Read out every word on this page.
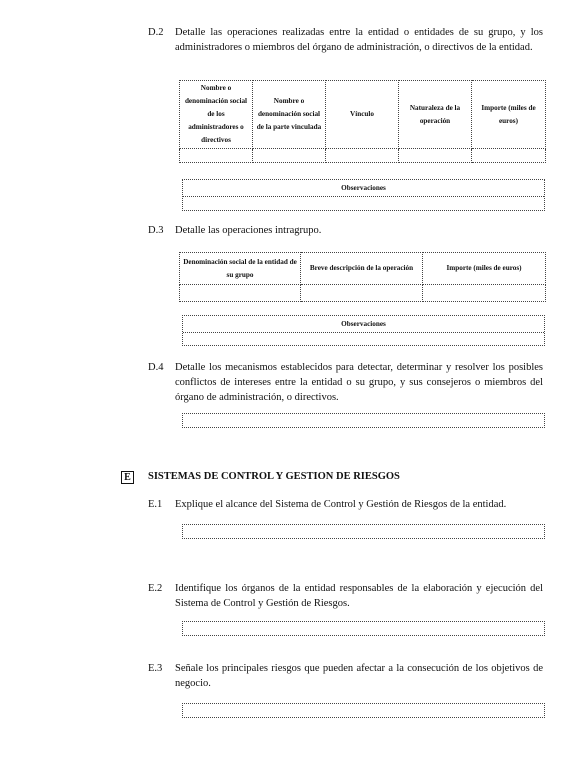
D.2 Detalle las operaciones realizadas entre la entidad o entidades de su grupo, y los administradores o miembros del órgano de administración, o directivos de la entidad.
Nombre o denominación social de los administradores o directivos	Nombre o denominación social de la parte vinculada	Vínculo	Naturaleza de la operación	Importe (miles de euros)

Observaciones
D.3 Detalle las operaciones intragrupo.
Denominación social de la entidad de su grupo	Breve descripción de la operación	Importe (miles de euros)

Observaciones
D.4 Detalle los mecanismos establecidos para detectar, determinar y resolver los posibles conflictos de intereses entre la entidad o su grupo, y sus consejeros o miembros del órgano de administración, o directivos.
E	SISTEMAS DE CONTROL Y GESTION DE RIESGOS
E.1 Explique el alcance del Sistema de Control y Gestión de Riesgos de la entidad.
E.2 Identifique los órganos de la entidad responsables de la elaboración y ejecución del Sistema de Control y Gestión de Riesgos.
E.3 Señale los principales riesgos que pueden afectar a la consecución de los objetivos de negocio.
